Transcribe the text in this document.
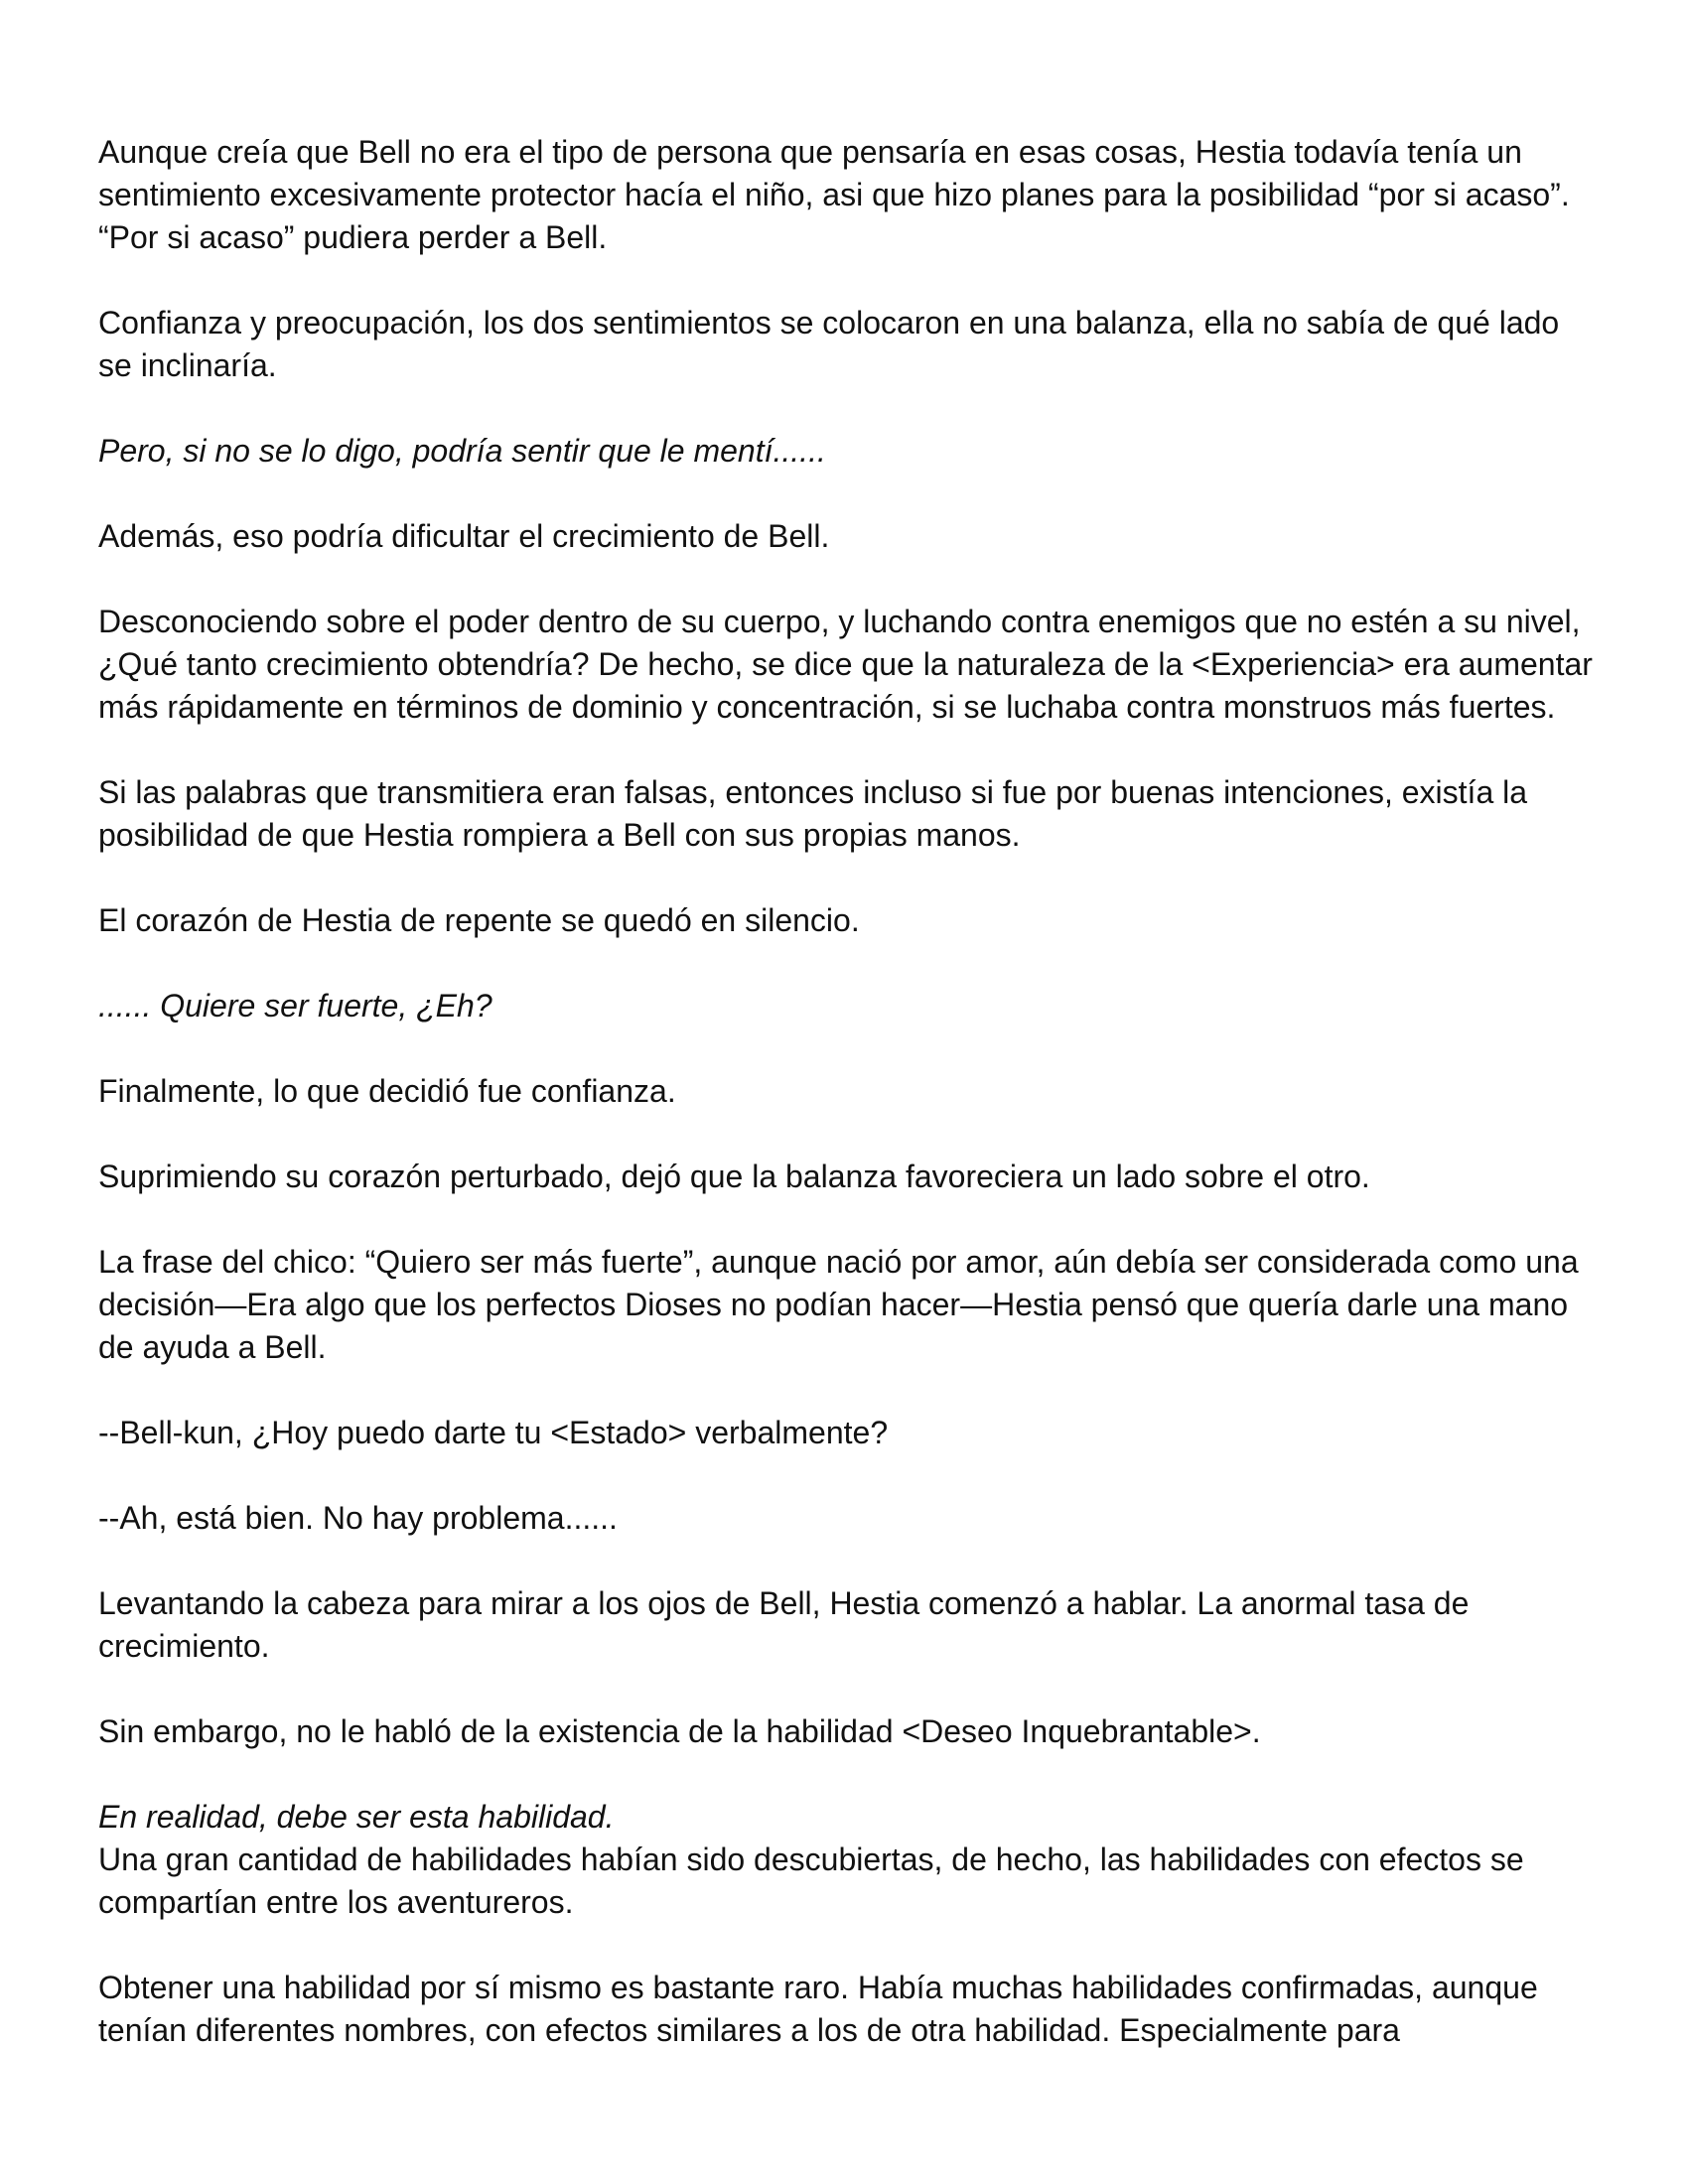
Aunque creía que Bell no era el tipo de persona que pensaría en esas cosas, Hestia todavía tenía un sentimiento excesivamente protector hacía el niño, asi que hizo planes para la posibilidad “por si acaso”. “Por si acaso” pudiera perder a Bell.

Confianza y preocupación, los dos sentimientos se colocaron en una balanza, ella no sabía de qué lado se inclinaría.

Pero, si no se lo digo, podría sentir que le mentí......

Además, eso podría dificultar el crecimiento de Bell.

Desconociendo sobre el poder dentro de su cuerpo, y luchando contra enemigos que no estén a su nivel, ¿Qué tanto crecimiento obtendría? De hecho, se dice que la naturaleza de la <Experiencia> era aumentar más rápidamente en términos de dominio y concentración, si se luchaba contra monstruos más fuertes.

Si las palabras que transmitiera eran falsas, entonces incluso si fue por buenas intenciones, existía la posibilidad de que Hestia rompiera a Bell con sus propias manos.

El corazón de Hestia de repente se quedó en silencio.

...... Quiere ser fuerte, ¿Eh?

Finalmente, lo que decidió fue confianza.

Suprimiendo su corazón perturbado, dejó que la balanza favoreciera un lado sobre el otro.

La frase del chico: “Quiero ser más fuerte”, aunque nació por amor, aún debía ser considerada como una decisión—Era algo que los perfectos Dioses no podían hacer—Hestia pensó que quería darle una mano de ayuda a Bell.

--Bell-kun, ¿Hoy puedo darte tu <Estado> verbalmente?

--Ah, está bien. No hay problema......

Levantando la cabeza para mirar a los ojos de Bell, Hestia comenzó a hablar. La anormal tasa de crecimiento.

Sin embargo, no le habló de la existencia de la habilidad <Deseo Inquebrantable>.

En realidad, debe ser esta habilidad.

Una gran cantidad de habilidades habían sido descubiertas, de hecho, las habilidades con efectos se compartían entre los aventureros.

Obtener una habilidad por sí mismo es bastante raro. Había muchas habilidades confirmadas, aunque tenían diferentes nombres, con efectos similares a los de otra habilidad. Especialmente para
